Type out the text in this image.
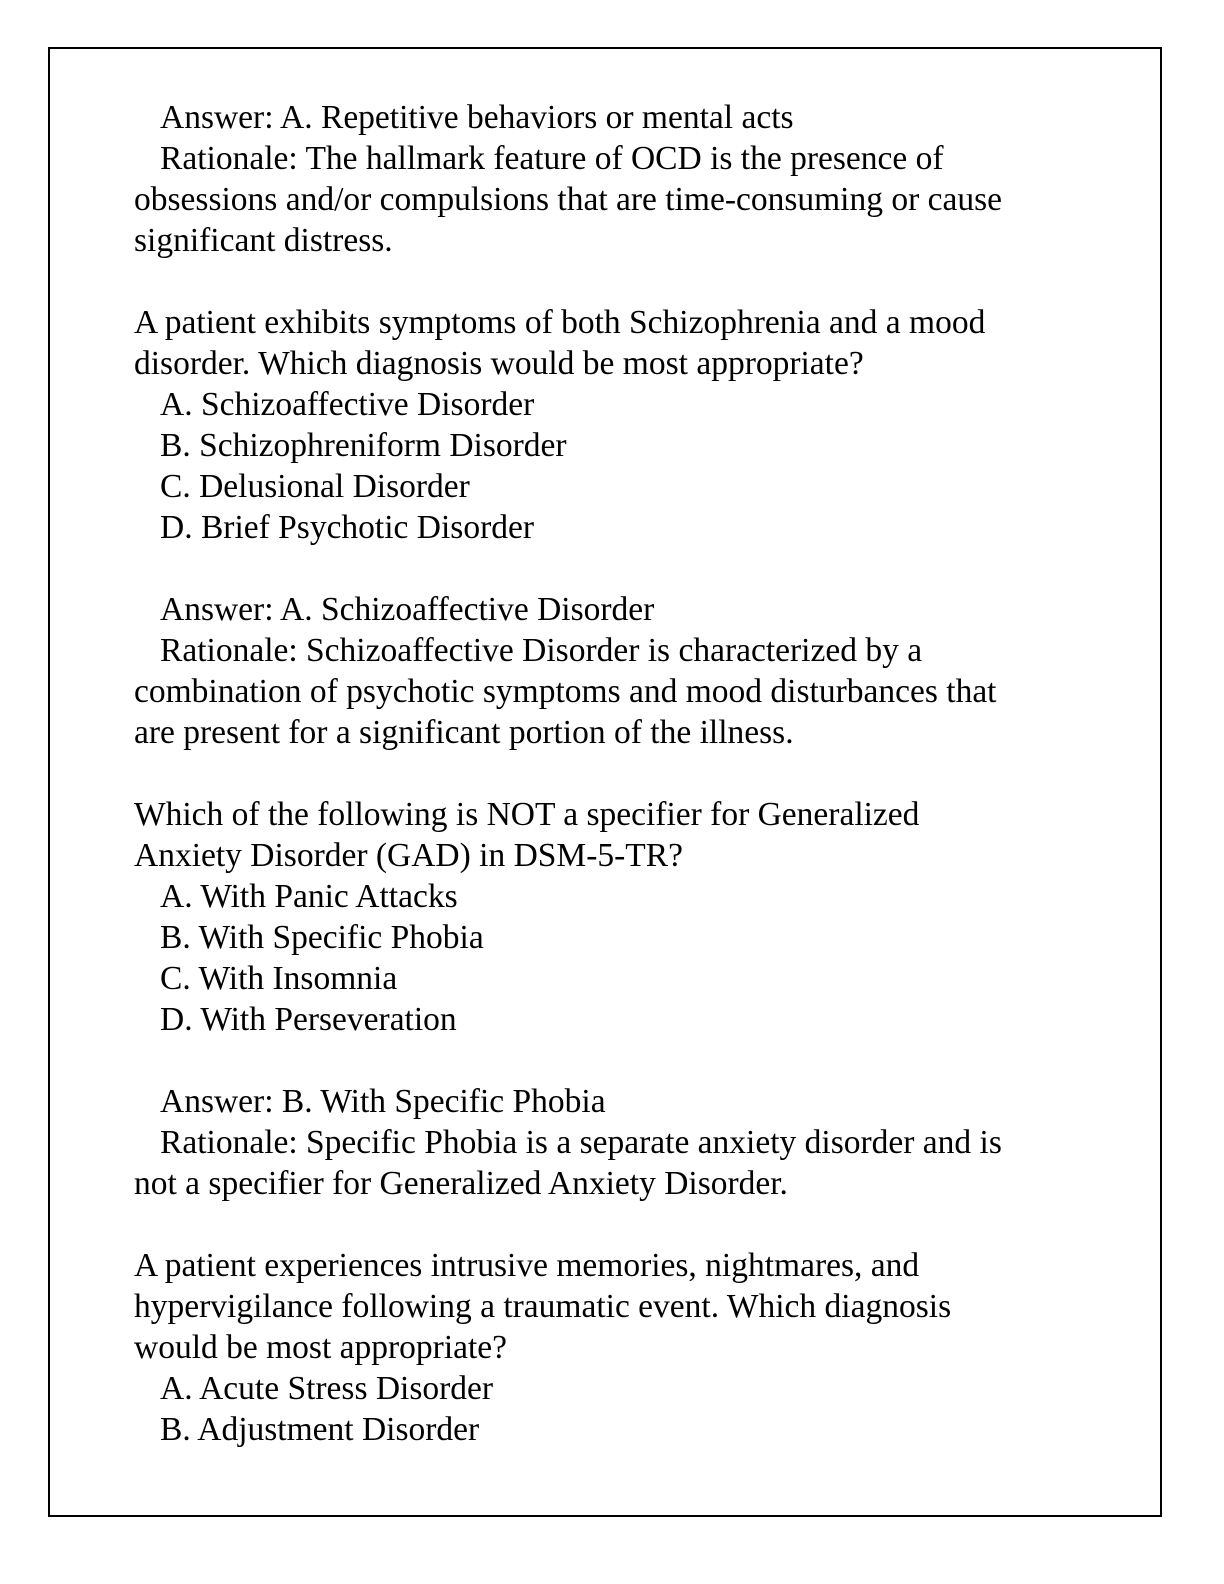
Answer: A. Repetitive behaviors or mental acts
Rationale: The hallmark feature of OCD is the presence of
obsessions and/or compulsions that are time-consuming or cause
significant distress.
A patient exhibits symptoms of both Schizophrenia and a mood
disorder. Which diagnosis would be most appropriate?
A. Schizoaffective Disorder
B. Schizophreniform Disorder
C. Delusional Disorder
D. Brief Psychotic Disorder
Answer: A. Schizoaffective Disorder
Rationale: Schizoaffective Disorder is characterized by a
combination of psychotic symptoms and mood disturbances that
are present for a significant portion of the illness.
Which of the following is NOT a specifier for Generalized
Anxiety Disorder (GAD) in DSM-5-TR?
A. With Panic Attacks
B. With Specific Phobia
C. With Insomnia
D. With Perseveration
Answer: B. With Specific Phobia
Rationale: Specific Phobia is a separate anxiety disorder and is
not a specifier for Generalized Anxiety Disorder.
A patient experiences intrusive memories, nightmares, and
hypervigilance following a traumatic event. Which diagnosis
would be most appropriate?
A. Acute Stress Disorder
B. Adjustment Disorder
